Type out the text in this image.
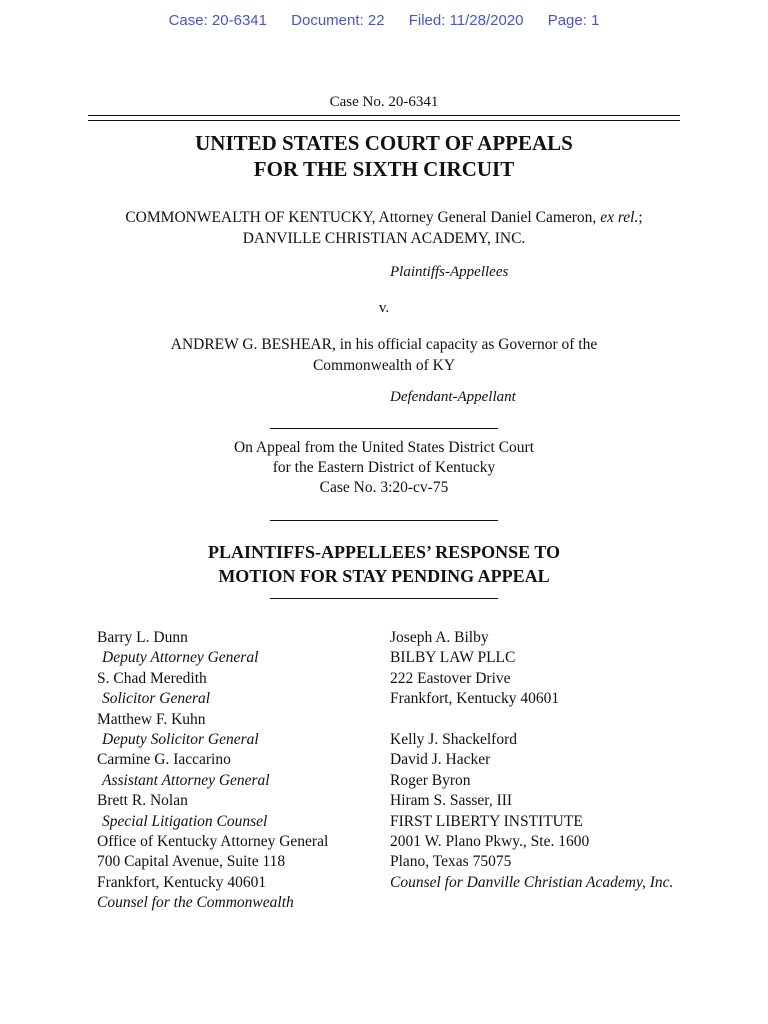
Case: 20-6341 Document: 22 Filed: 11/28/2020 Page: 1
Case No. 20-6341
UNITED STATES COURT OF APPEALS
FOR THE SIXTH CIRCUIT
COMMONWEALTH OF KENTUCKY, Attorney General Daniel Cameron, ex rel.; DANVILLE CHRISTIAN ACADEMY, INC.
Plaintiffs-Appellees
v.
ANDREW G. BESHEAR, in his official capacity as Governor of the
Commonwealth of KY
Defendant-Appellant
On Appeal from the United States District Court
for the Eastern District of Kentucky
Case No. 3:20-cv-75
PLAINTIFFS-APPELLEES’ RESPONSE TO
MOTION FOR STAY PENDING APPEAL
Barry L. Dunn
Deputy Attorney General
S. Chad Meredith
Solicitor General
Matthew F. Kuhn
Deputy Solicitor General
Carmine G. Iaccarino
Assistant Attorney General
Brett R. Nolan
Special Litigation Counsel
Office of Kentucky Attorney General
700 Capital Avenue, Suite 118
Frankfort, Kentucky 40601
Counsel for the Commonwealth
Joseph A. Bilby
BILBY LAW PLLC
222 Eastover Drive
Frankfort, Kentucky 40601
Kelly J. Shackelford
David J. Hacker
Roger Byron
Hiram S. Sasser, III
FIRST LIBERTY INSTITUTE
2001 W. Plano Pkwy., Ste. 1600
Plano, Texas 75075
Counsel for Danville Christian Academy, Inc.
